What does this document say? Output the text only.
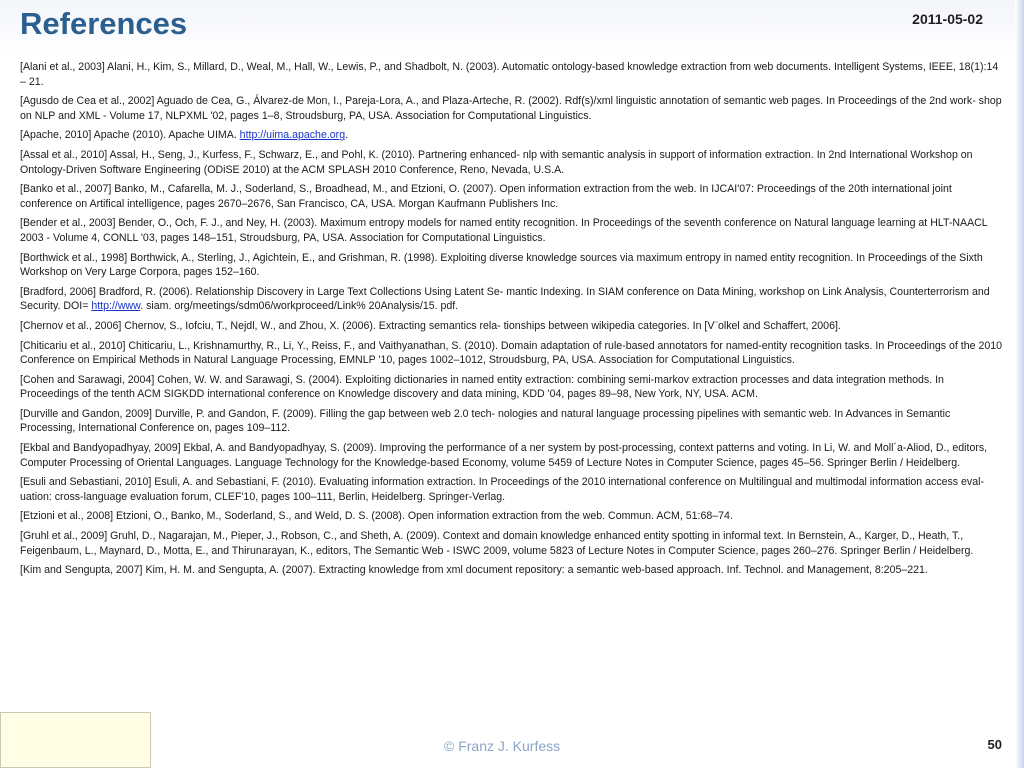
References	2011-05-02
[Alani et al., 2003] Alani, H., Kim, S., Millard, D., Weal, M., Hall, W., Lewis, P., and Shadbolt, N. (2003). Automatic ontology-based knowledge extraction from web documents. Intelligent Systems, IEEE, 18(1):14 – 21.
[Agusdo de Cea et al., 2002] Aguado de Cea, G., Álvarez-de Mon, I., Pareja-Lora, A., and Plaza-Arteche, R. (2002). Rdf(s)/xml linguistic annotation of semantic web pages. In Proceedings of the 2nd work- shop on NLP and XML - Volume 17, NLPXML '02, pages 1–8, Stroudsburg, PA, USA. Association for Computational Linguistics.
[Apache, 2010] Apache (2010). Apache UIMA. http://uima.apache.org.
[Assal et al., 2010] Assal, H., Seng, J., Kurfess, F., Schwarz, E., and Pohl, K. (2010). Partnering enhanced- nlp with semantic analysis in support of information extraction. In 2nd International Workshop on Ontology-Driven Software Engineering (ODiSE 2010) at the ACM SPLASH 2010 Conference, Reno, Nevada, U.S.A.
[Banko et al., 2007] Banko, M., Cafarella, M. J., Soderland, S., Broadhead, M., and Etzioni, O. (2007). Open information extraction from the web. In IJCAI'07: Proceedings of the 20th international joint conference on Artifical intelligence, pages 2670–2676, San Francisco, CA, USA. Morgan Kaufmann Publishers Inc.
[Bender et al., 2003] Bender, O., Och, F. J., and Ney, H. (2003). Maximum entropy models for named entity recognition. In Proceedings of the seventh conference on Natural language learning at HLT-NAACL 2003 - Volume 4, CONLL '03, pages 148–151, Stroudsburg, PA, USA. Association for Computational Linguistics.
[Borthwick et al., 1998] Borthwick, A., Sterling, J., Agichtein, E., and Grishman, R. (1998). Exploiting diverse knowledge sources via maximum entropy in named entity recognition. In Proceedings of the Sixth Workshop on Very Large Corpora, pages 152–160.
[Bradford, 2006] Bradford, R. (2006). Relationship Discovery in Large Text Collections Using Latent Se- mantic Indexing. In SIAM conference on Data Mining, workshop on Link Analysis, Counterterrorism and Security. DOI= http://www. siam. org/meetings/sdm06/workproceed/Link% 20Analysis/15. pdf.
[Chernov et al., 2006] Chernov, S., Iofciu, T., Nejdl, W., and Zhou, X. (2006). Extracting semantics rela- tionships between wikipedia categories. In [V¨olkel and Schaffert, 2006].
[Chiticariu et al., 2010] Chiticariu, L., Krishnamurthy, R., Li, Y., Reiss, F., and Vaithyanathan, S. (2010). Domain adaptation of rule-based annotators for named-entity recognition tasks. In Proceedings of the 2010 Conference on Empirical Methods in Natural Language Processing, EMNLP '10, pages 1002–1012, Stroudsburg, PA, USA. Association for Computational Linguistics.
[Cohen and Sarawagi, 2004] Cohen, W. W. and Sarawagi, S. (2004). Exploiting dictionaries in named entity extraction: combining semi-markov extraction processes and data integration methods. In Proceedings of the tenth ACM SIGKDD international conference on Knowledge discovery and data mining, KDD '04, pages 89–98, New York, NY, USA. ACM.
[Durville and Gandon, 2009] Durville, P. and Gandon, F. (2009). Filling the gap between web 2.0 tech- nologies and natural language processing pipelines with semantic web. In Advances in Semantic Processing, International Conference on, pages 109–112.
[Ekbal and Bandyopadhyay, 2009] Ekbal, A. and Bandyopadhyay, S. (2009). Improving the performance of a ner system by post-processing, context patterns and voting. In Li, W. and Moll´a-Aliod, D., editors, Computer Processing of Oriental Languages. Language Technology for the Knowledge-based Economy, volume 5459 of Lecture Notes in Computer Science, pages 45–56. Springer Berlin / Heidelberg.
[Esuli and Sebastiani, 2010] Esuli, A. and Sebastiani, F. (2010). Evaluating information extraction. In Proceedings of the 2010 international conference on Multilingual and multimodal information access eval- uation: cross-language evaluation forum, CLEF'10, pages 100–111, Berlin, Heidelberg. Springer-Verlag.
[Etzioni et al., 2008] Etzioni, O., Banko, M., Soderland, S., and Weld, D. S. (2008). Open information extraction from the web. Commun. ACM, 51:68–74.
[Gruhl et al., 2009] Gruhl, D., Nagarajan, M., Pieper, J., Robson, C., and Sheth, A. (2009). Context and domain knowledge enhanced entity spotting in informal text. In Bernstein, A., Karger, D., Heath, T., Feigenbaum, L., Maynard, D., Motta, E., and Thirunarayan, K., editors, The Semantic Web - ISWC 2009, volume 5823 of Lecture Notes in Computer Science, pages 260–276. Springer Berlin / Heidelberg.
[Kim and Sengupta, 2007] Kim, H. M. and Sengupta, A. (2007). Extracting knowledge from xml document repository: a semantic web-based approach. Inf. Technol. and Management, 8:205–221.
© Franz J. Kurfess	50
